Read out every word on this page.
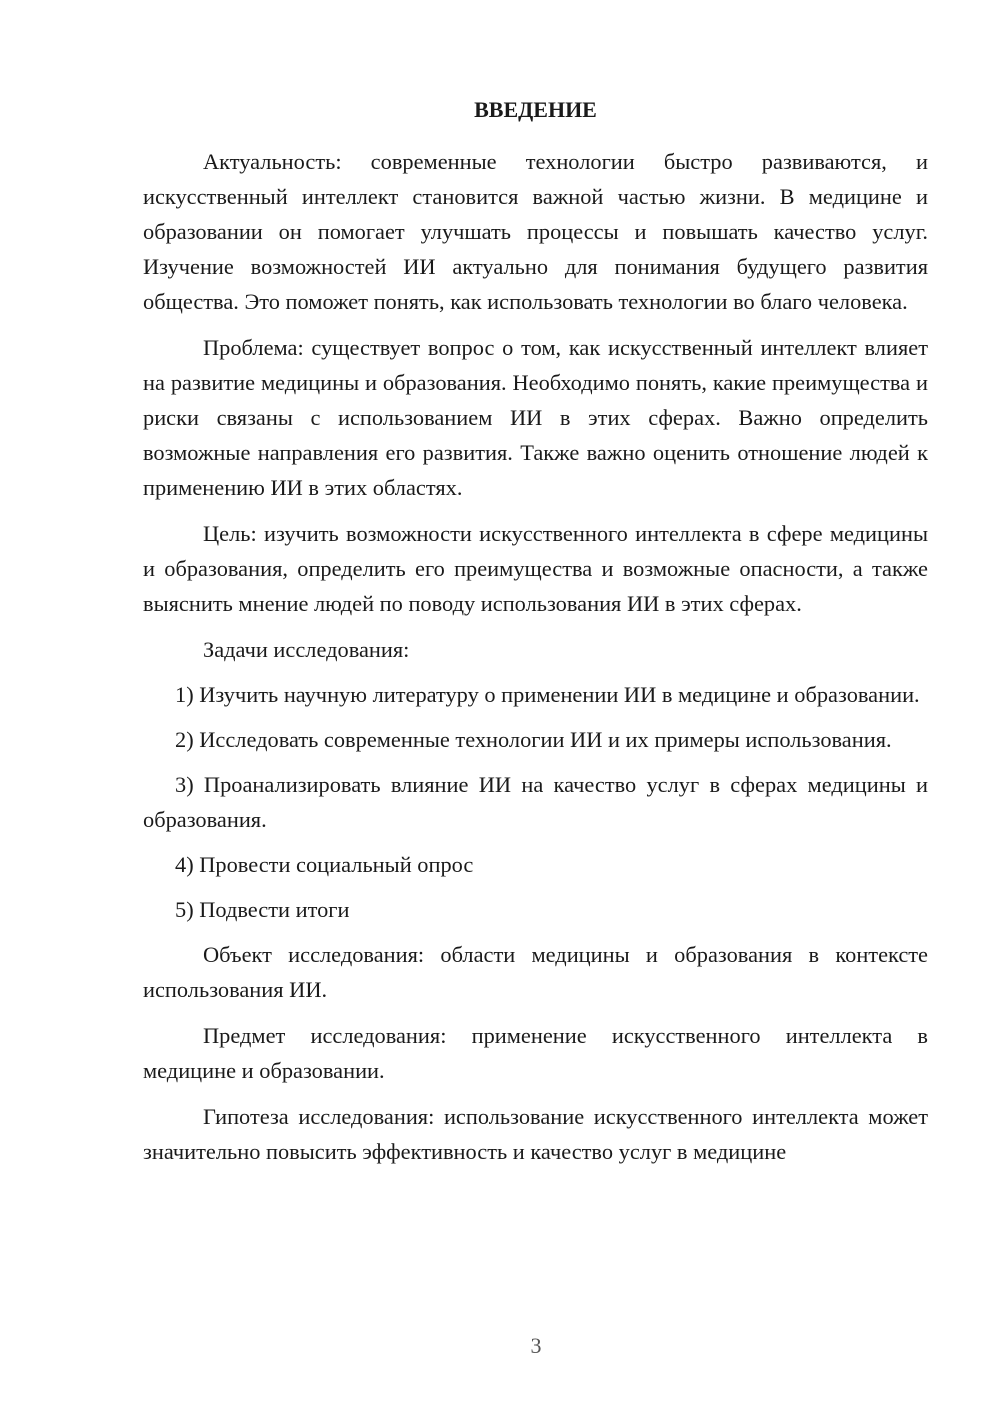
ВВЕДЕНИЕ

Актуальность: современные технологии быстро развиваются, и искусственный интеллект становится важной частью жизни. В медицине и образовании он помогает улучшать процессы и повышать качество услуг. Изучение возможностей ИИ актуально для понимания будущего развития общества. Это поможет понять, как использовать технологии во благо человека.

Проблема: существует вопрос о том, как искусственный интеллект влияет на развитие медицины и образования. Необходимо понять, какие преимущества и риски связаны с использованием ИИ в этих сферах. Важно определить возможные направления его развития. Также важно оценить отношение людей к применению ИИ в этих областях.

Цель: изучить возможности искусственного интеллекта в сфере медицины и образования, определить его преимущества и возможные опасности, а также выяснить мнение людей по поводу использования ИИ в этих сферах.

Задачи исследования:

1) Изучить научную литературу о применении ИИ в медицине и образовании.

2) Исследовать современные технологии ИИ и их примеры использования.

3) Проанализировать влияние ИИ на качество услуг в сферах медицины и образования.

4) Провести социальный опрос

5) Подвести итоги

Объект исследования: области медицины и образования в контексте использования ИИ.

Предмет исследования: применение искусственного интеллекта в медицине и образовании.

Гипотеза исследования: использование искусственного интеллекта может значительно повысить эффективность и качество услуг в медицине

3
